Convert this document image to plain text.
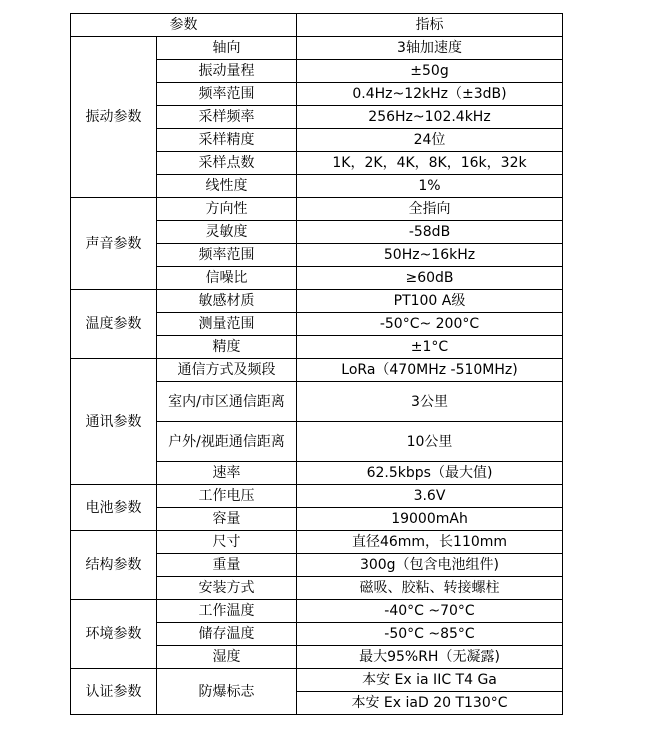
参数		指标
振动参数	轴向	3轴加速度
	振动量程	±50g
	频率范围	0.4Hz~12kHz（±3dB)
	采样频率	256Hz~102.4kHz
	采样精度	24位
	采样点数	1K，2K，4K，8K，16k，32k
	线性度	1%
声音参数	方向性	全指向
	灵敏度	-58dB
	频率范围	50Hz~16kHz
	信噪比	≥60dB
温度参数	敏感材质	PT100 A级
	测量范围	-50°C~ 200°C
	精度	±1°C
通讯参数	通信方式及频段	LoRa（470MHz -510MHz)
	室内/市区通信距离	3公里
	户外/视距通信距离	10公里
	速率	62.5kbps（最大值)
电池参数	工作电压	3.6V
	容量	19000mAh
结构参数	尺寸	直径46mm，长110mm
	重量	300g（包含电池组件)
	安装方式	磁吸、胶粘、转接螺柱
环境参数	工作温度	-40°C ~70°C
	储存温度	-50°C ~85°C
	湿度	最大95%RH（无凝露)
认证参数	防爆标志	本安 Ex ia IIC T4 Ga
		本安 Ex iaD 20 T130°C
